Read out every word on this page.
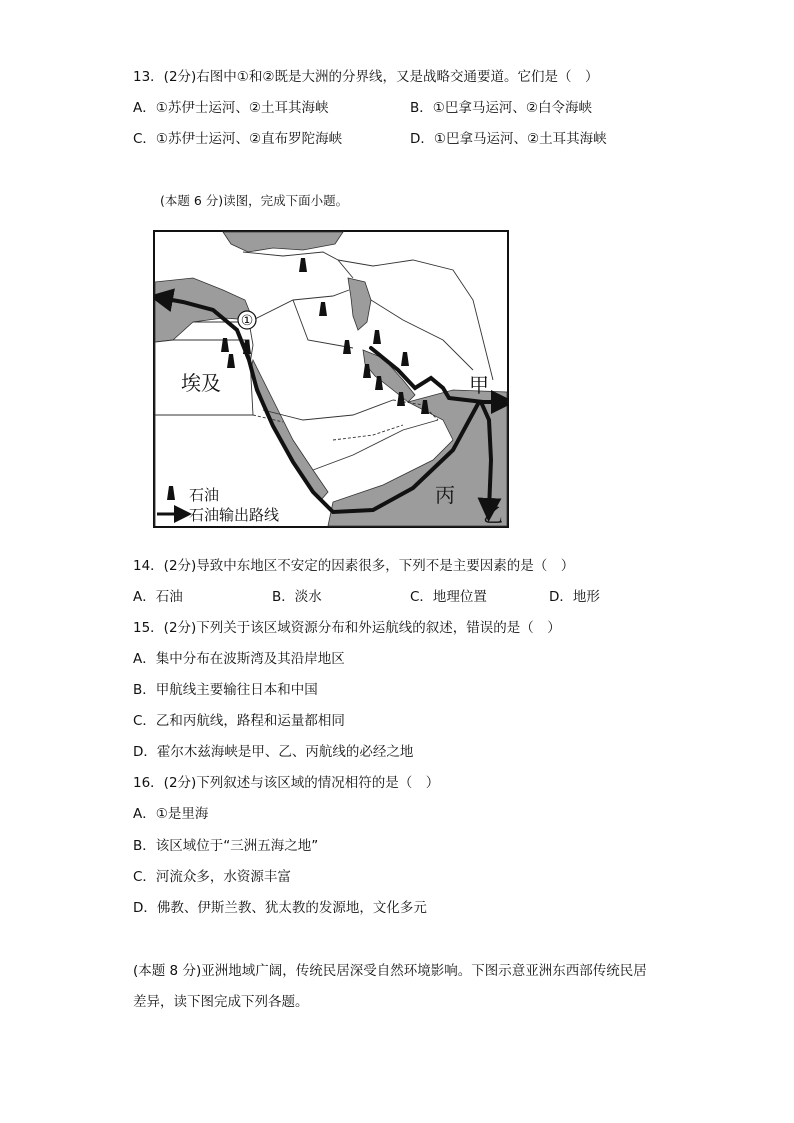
13．(2分)右图中①和②既是大洲的分界线，又是战略交通要道。它们是（　）
A．①苏伊士运河、②土耳其海峡	B．①巴拿马运河、②白令海峡
C．①苏伊士运河、②直布罗陀海峡	D．①巴拿马运河、②土耳其海峡
(本题 6 分)读图，完成下面小题。
①
埃及	甲
丙
乙
石油
石油输出路线
14．(2分)导致中东地区不安定的因素很多，下列不是主要因素的是（　）
A．石油	B．淡水	C．地理位置	D．地形
15．(2分)下列关于该区域资源分布和外运航线的叙述，错误的是（　）
A．集中分布在波斯湾及其沿岸地区
B．甲航线主要输往日本和中国
C．乙和丙航线，路程和运量都相同
D．霍尔木兹海峡是甲、乙、丙航线的必经之地
16．(2分)下列叙述与该区域的情况相符的是（　）
A．①是里海
B．该区域位于“三洲五海之地”
C．河流众多，水资源丰富
D．佛教、伊斯兰教、犹太教的发源地，文化多元
(本题 8 分)亚洲地域广阔，传统民居深受自然环境影响。下图示意亚洲东西部传统民居
差异，读下图完成下列各题。
